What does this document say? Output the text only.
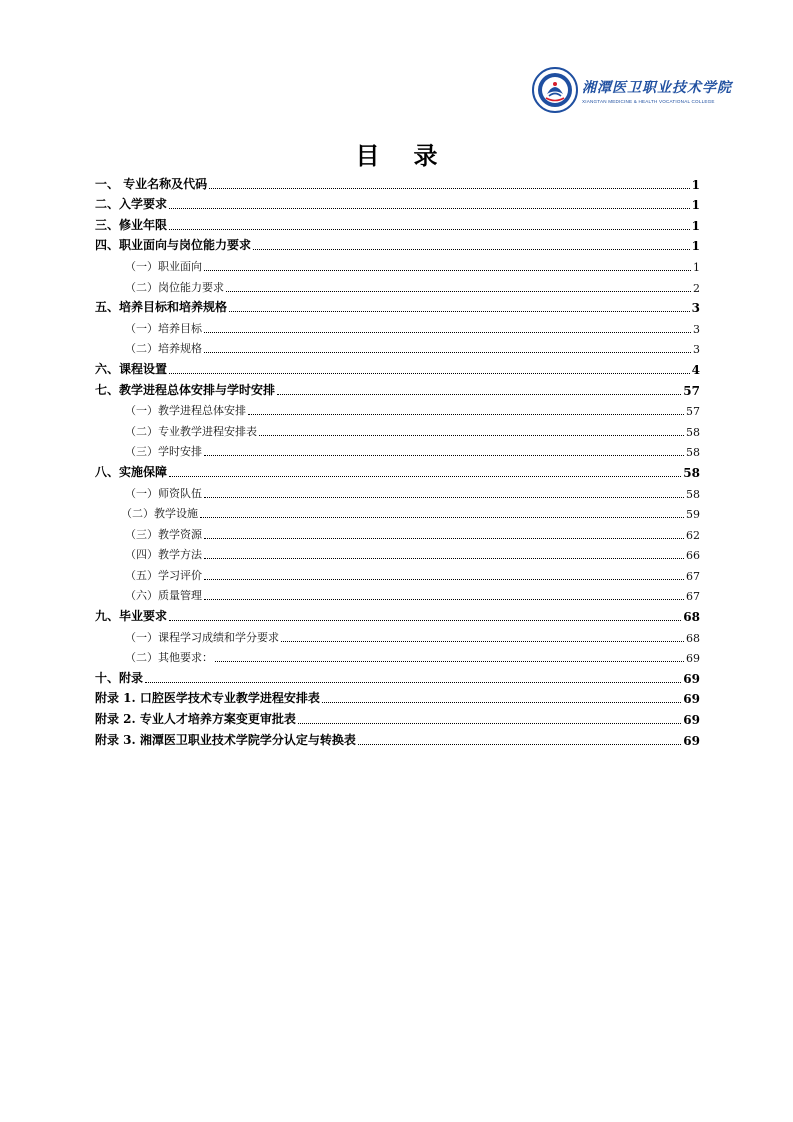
湘潭医卫职业技术学院
XIANGTAN MEDICINE & HEALTH VOCATIONAL COLLEGE
目录
一、 专业名称及代码	1
二、入学要求	1
三、修业年限	1
四、职业面向与岗位能力要求	1
（一）职业面向	1
（二）岗位能力要求	2
五、培养目标和培养规格	3
（一）培养目标	3
（二）培养规格	3
六、课程设置	4
七、教学进程总体安排与学时安排	57
（一）教学进程总体安排	57
（二）专业教学进程安排表	58
（三）学时安排	58
八、实施保障	58
（一）师资队伍	58
（二）教学设施	59
（三）教学资源	62
（四）教学方法	66
（五）学习评价	67
（六）质量管理	67
九、毕业要求	68
（一）课程学习成绩和学分要求	68
（二）其他要求：	69
十、附录	69
附录 1. 口腔医学技术专业教学进程安排表	69
附录 2. 专业人才培养方案变更审批表	69
附录 3. 湘潭医卫职业技术学院学分认定与转换表	69
